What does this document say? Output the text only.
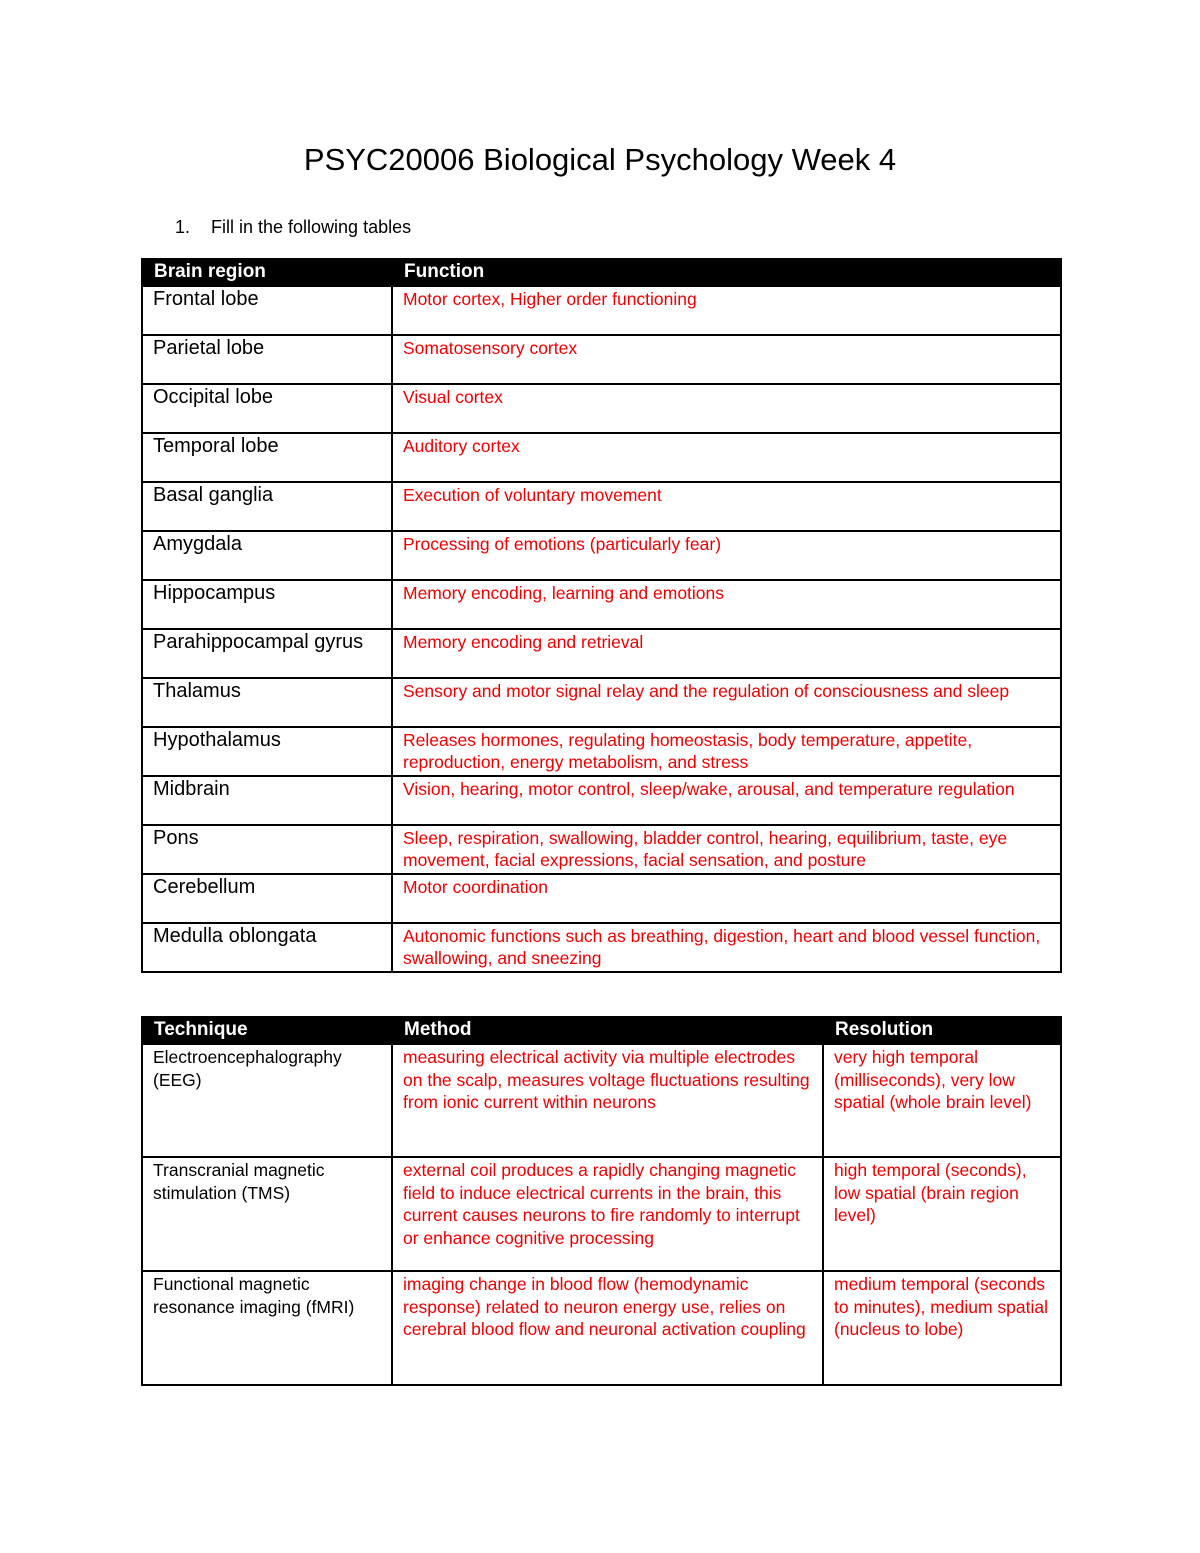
PSYC20006 Biological Psychology Week 4
1. Fill in the following tables
Brain region	Function
Frontal lobe	Motor cortex, Higher order functioning
Parietal lobe	Somatosensory cortex
Occipital lobe	Visual cortex
Temporal lobe	Auditory cortex
Basal ganglia	Execution of voluntary movement
Amygdala	Processing of emotions (particularly fear)
Hippocampus	Memory encoding, learning and emotions
Parahippocampal gyrus	Memory encoding and retrieval
Thalamus	Sensory and motor signal relay and the regulation of consciousness and sleep
Hypothalamus	Releases hormones, regulating homeostasis, body temperature, appetite, reproduction, energy metabolism, and stress
Midbrain	Vision, hearing, motor control, sleep/wake, arousal, and temperature regulation
Pons	Sleep, respiration, swallowing, bladder control, hearing, equilibrium, taste, eye movement, facial expressions, facial sensation, and posture
Cerebellum	Motor coordination
Medulla oblongata	Autonomic functions such as breathing, digestion, heart and blood vessel function, swallowing, and sneezing
Technique	Method	Resolution
Electroencephalography (EEG)	measuring electrical activity via multiple electrodes on the scalp, measures voltage fluctuations resulting from ionic current within neurons	very high temporal (milliseconds), very low spatial (whole brain level)
Transcranial magnetic stimulation (TMS)	external coil produces a rapidly changing magnetic field to induce electrical currents in the brain, this current causes neurons to fire randomly to interrupt or enhance cognitive processing	high temporal (seconds), low spatial (brain region level)
Functional magnetic resonance imaging (fMRI)	imaging change in blood flow (hemodynamic response) related to neuron energy use, relies on cerebral blood flow and neuronal activation coupling	medium temporal (seconds to minutes), medium spatial (nucleus to lobe)
